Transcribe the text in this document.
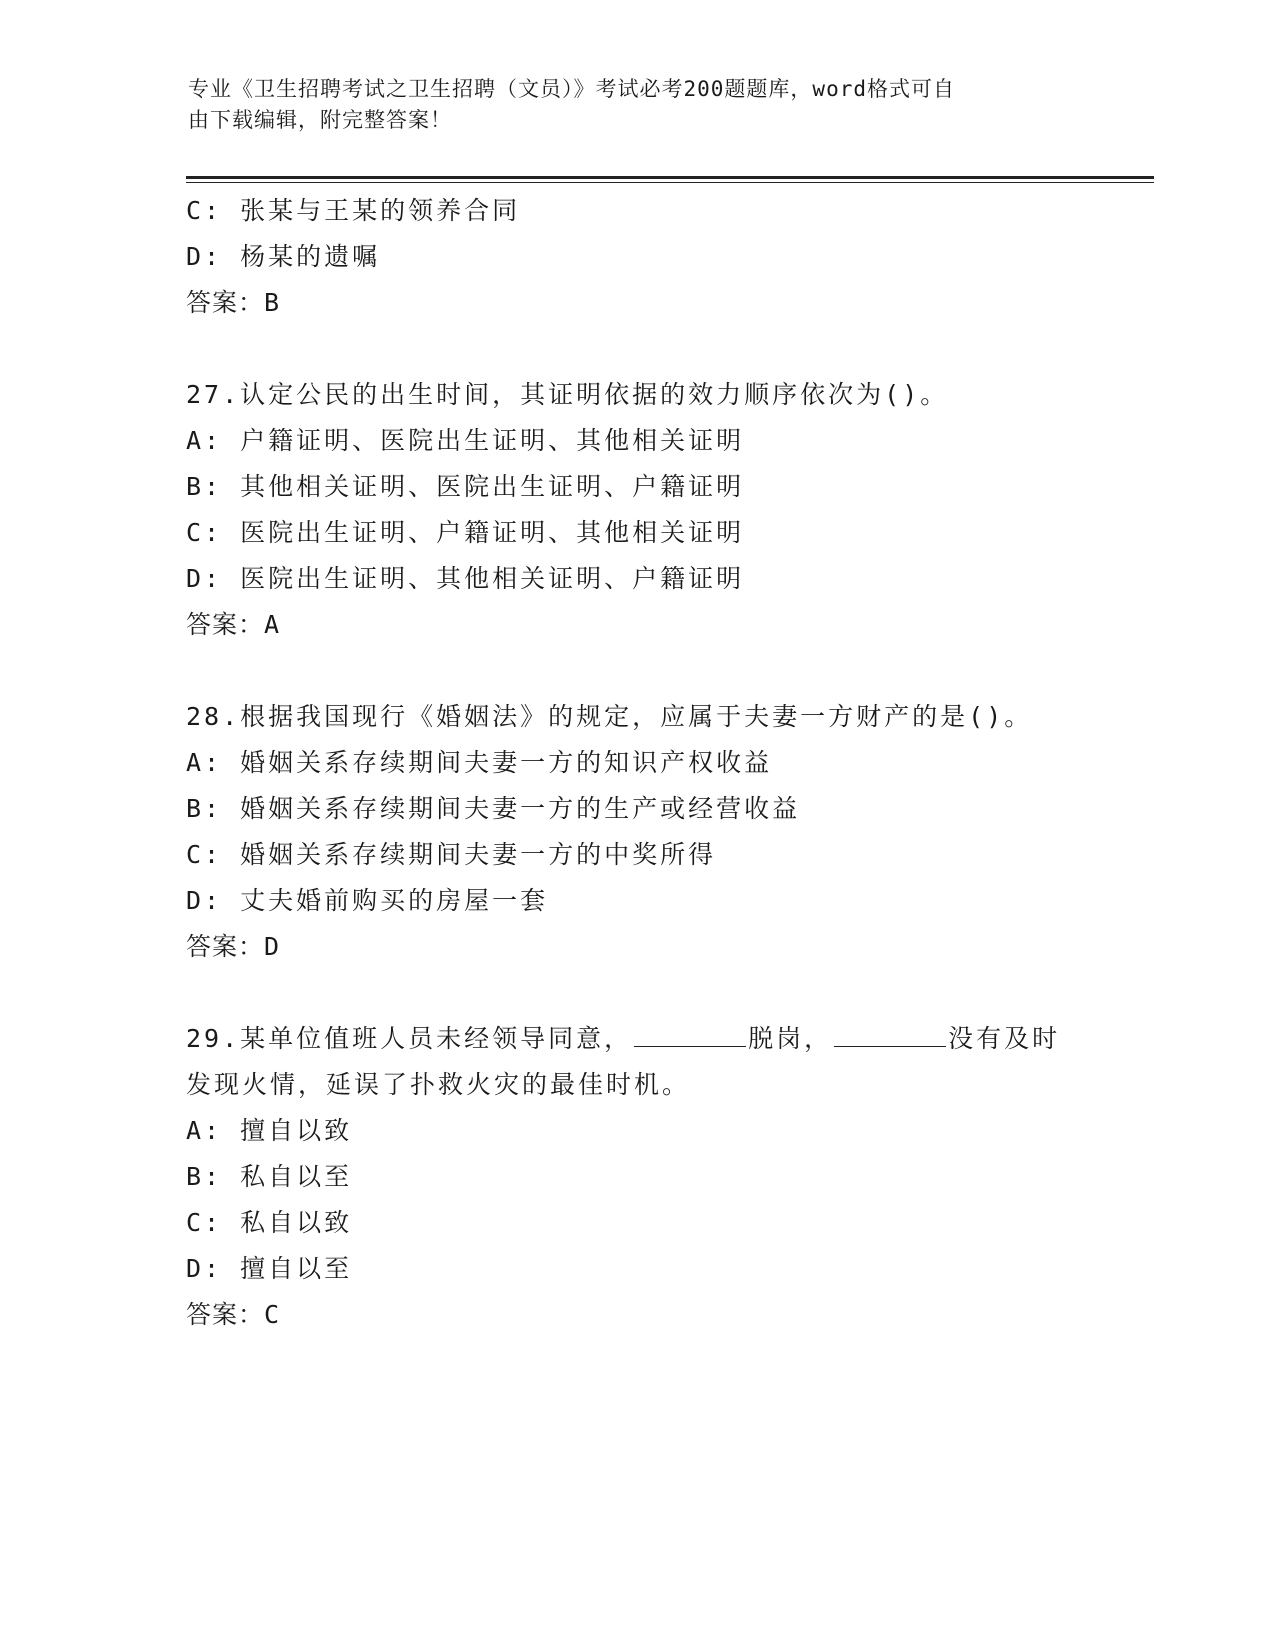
专业《卫生招聘考试之卫生招聘（文员）》考试必考200题题库，word格式可自
由下载编辑，附完整答案！
C: 张某与王某的领养合同
D: 杨某的遗嘱
答案：B
27.认定公民的出生时间，其证明依据的效力顺序依次为()。
A: 户籍证明、医院出生证明、其他相关证明
B: 其他相关证明、医院出生证明、户籍证明
C: 医院出生证明、户籍证明、其他相关证明
D: 医院出生证明、其他相关证明、户籍证明
答案：A
28.根据我国现行《婚姻法》的规定，应属于夫妻一方财产的是()。
A: 婚姻关系存续期间夫妻一方的知识产权收益
B: 婚姻关系存续期间夫妻一方的生产或经营收益
C: 婚姻关系存续期间夫妻一方的中奖所得
D: 丈夫婚前购买的房屋一套
答案：D
29.某单位值班人员未经领导同意，	脱岗，	没有及时
发现火情，延误了扑救火灾的最佳时机。
A: 擅自以致
B: 私自以至
C: 私自以致
D: 擅自以至
答案：C
